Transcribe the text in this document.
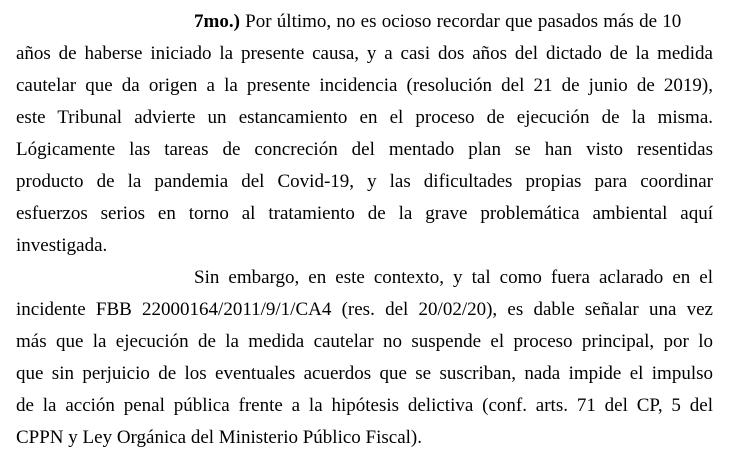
7mo.) Por último, no es ocioso recordar que pasados más de 10
años de haberse iniciado la presente causa, y a casi dos años del dictado de la medida
cautelar que da origen a la presente incidencia (resolución del 21 de junio de 2019),
este Tribunal advierte un estancamiento en el proceso de ejecución de la misma.
Lógicamente las tareas de concreción del mentado plan se han visto resentidas
producto de la pandemia del Covid-19, y las dificultades propias para coordinar
esfuerzos serios en torno al tratamiento de la grave problemática ambiental aquí
investigada.
Sin embargo, en este contexto, y tal como fuera aclarado en el
incidente FBB 22000164/2011/9/1/CA4 (res. del 20/02/20), es dable señalar una vez
más que la ejecución de la medida cautelar no suspende el proceso principal, por lo
que sin perjuicio de los eventuales acuerdos que se suscriban, nada impide el impulso
de la acción penal pública frente a la hipótesis delictiva (conf. arts. 71 del CP, 5 del
CPPN y Ley Orgánica del Ministerio Público Fiscal).
